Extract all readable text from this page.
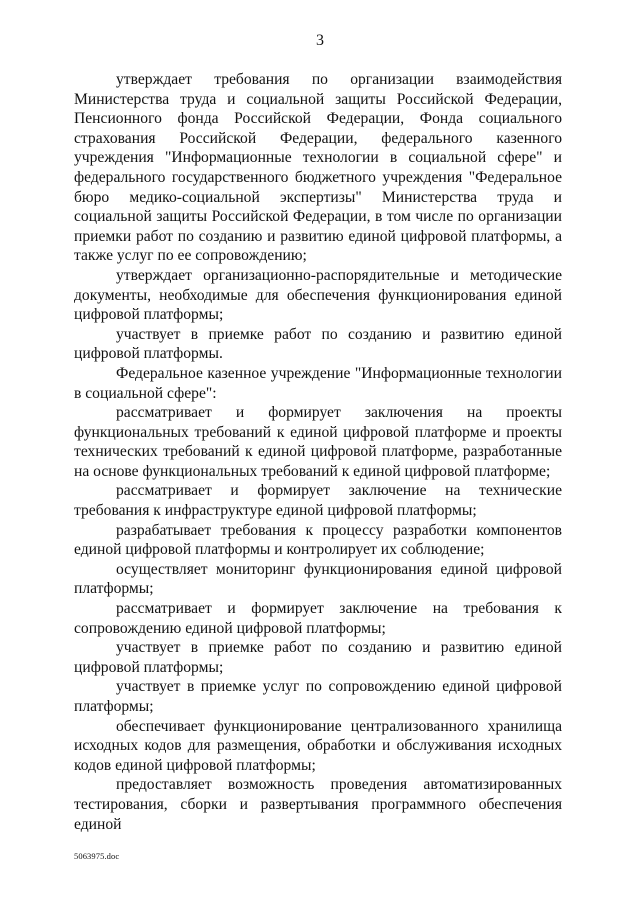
3

утверждает требования по организации взаимодействия Министерства труда и социальной защиты Российской Федерации, Пенсионного фонда Российской Федерации, Фонда социального страхования Российской Федерации, федерального казенного учреждения "Информационные технологии в социальной сфере" и федерального государственного бюджетного учреждения "Федеральное бюро медико-социальной экспертизы" Министерства труда и социальной защиты Российской Федерации, в том числе по организации приемки работ по созданию и развитию единой цифровой платформы, а также услуг по ее сопровождению;

утверждает организационно-распорядительные и методические документы, необходимые для обеспечения функционирования единой цифровой платформы;

участвует в приемке работ по созданию и развитию единой цифровой платформы.

Федеральное казенное учреждение "Информационные технологии в социальной сфере":

рассматривает и формирует заключения на проекты функциональных требований к единой цифровой платформе и проекты технических требований к единой цифровой платформе, разработанные на основе функциональных требований к единой цифровой платформе;

рассматривает и формирует заключение на технические требования к инфраструктуре единой цифровой платформы;

разрабатывает требования к процессу разработки компонентов единой цифровой платформы и контролирует их соблюдение;

осуществляет мониторинг функционирования единой цифровой платформы;

рассматривает и формирует заключение на требования к сопровождению единой цифровой платформы;

участвует в приемке работ по созданию и развитию единой цифровой платформы;

участвует в приемке услуг по сопровождению единой цифровой платформы;

обеспечивает функционирование централизованного хранилища исходных кодов для размещения, обработки и обслуживания исходных кодов единой цифровой платформы;

предоставляет возможность проведения автоматизированных тестирования, сборки и развертывания программного обеспечения единой

5063975.doc
